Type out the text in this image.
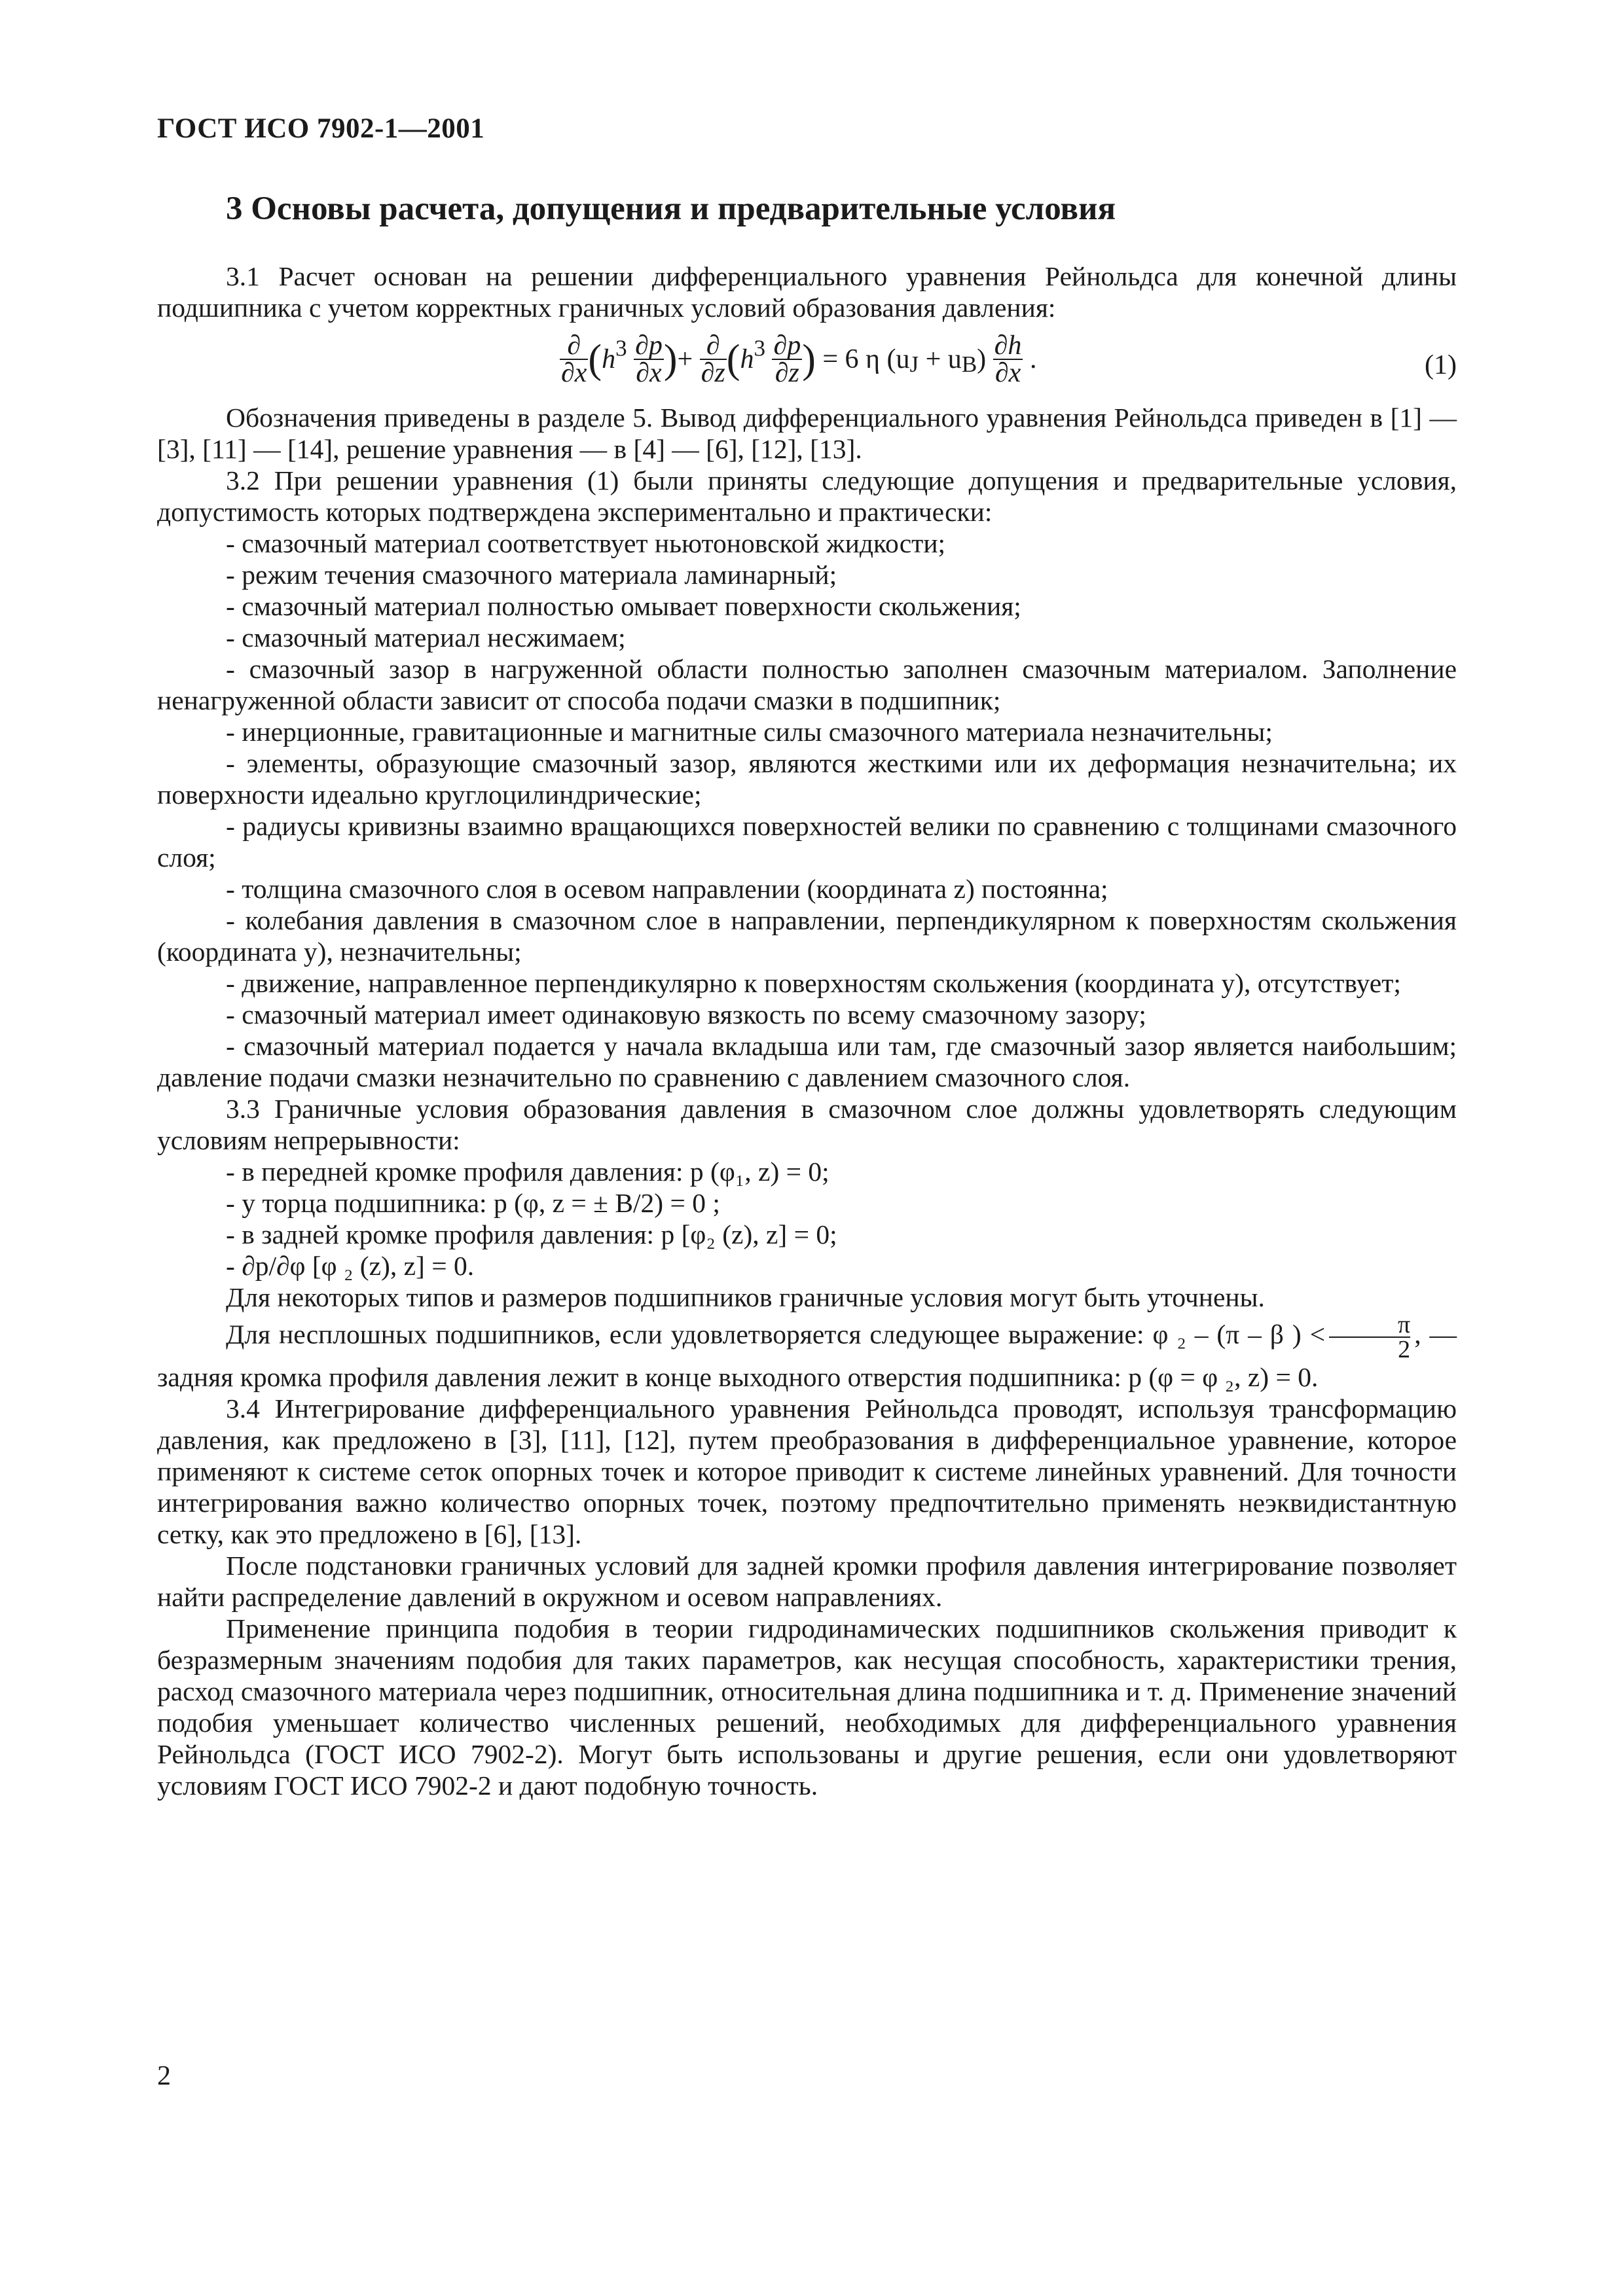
ГОСТ ИСО 7902-1—2001
3 Основы расчета, допущения и предварительные условия

3.1 Расчет основан на решении дифференциального уравнения Рейнольдса для конечной длины подшипника с учетом корректных граничных условий образования давления:

$\frac{\partial}{\partial x} (h^3 \frac{\partial p}{\partial x}$ )+ $\frac{\partial}{\partial z} (h^3 \frac{\partial p}{\partial z}$ ) = 6 η $(u_J + u_B) \frac{\partial h}{\partial x}$ .	(1)

Обозначения приведены в разделе 5. Вывод дифференциального уравнения Рейнольдса приведен в [1] —[3], [11] — [14], решение уравнения — в [4] — [6], [12], [13].

3.2 При решении уравнения (1) были приняты следующие допущения и предварительные условия, допустимость которых подтверждена экспериментально и практически:

- смазочный материал соответствует ньютоновской жидкости;

- режим течения смазочного материала ламинарный;

- смазочный материал полностью омывает поверхности скольжения;

- смазочный материал несжимаем;

- смазочный зазор в нагруженной области полностью заполнен смазочным материалом. Заполнение ненагруженной области зависит от способа подачи смазки в подшипник;

- инерционные, гравитационные и магнитные силы смазочного материала незначительны;

- элементы, образующие смазочный зазор, являются жесткими или их деформация незначительна; их поверхности идеально круглоцилиндрические;

- радиусы кривизны взаимно вращающихся поверхностей велики по сравнению с толщинами смазочного слоя;

- толщина смазочного слоя в осевом направлении (координата z) постоянна;

- колебания давления в смазочном слое в направлении, перпендикулярном к поверхностям скольжения (координата y), незначительны;

- движение, направленное перпендикулярно к поверхностям скольжения (координата y), отсутствует;

- смазочный материал имеет одинаковую вязкость по всему смазочному зазору;

- смазочный материал подается у начала вкладыша или там, где смазочный зазор является наибольшим; давление подачи смазки незначительно по сравнению с давлением смазочного слоя.

3.3 Граничные условия образования давления в смазочном слое должны удовлетворять следующим условиям непрерывности:

- в передней кромке профиля давления: p (φ₁, z) = 0;

- у торца подшипника: p (φ, z = ± B/2) = 0 ;

- в задней кромке профиля давления: p [φ₂ (z), z] = 0;

- ∂p/∂φ [φ ₂ (z), z] = 0.

Для некоторых типов и размеров подшипников граничные условия могут быть уточнены.

Для несплошных подшипников, если удовлетворяется следующее выражение: φ ₂ – (π – β ) < $\frac{\pi}{2}$ , — задняя кромка профиля давления лежит в конце выходного отверстия подшипника: p (φ = φ ₂, z) = 0.

3.4 Интегрирование дифференциального уравнения Рейнольдса проводят, используя трансформацию давления, как предложено в [3], [11], [12], путем преобразования в дифференциальное уравнение, которое применяют к системе сеток опорных точек и которое приводит к системе линейных уравнений. Для точности интегрирования важно количество опорных точек, поэтому предпочтительно применять неэквидистантную сетку, как это предложено в [6], [13].

После подстановки граничных условий для задней кромки профиля давления интегрирование позволяет найти распределение давлений в окружном и осевом направлениях.

Применение принципа подобия в теории гидродинамических подшипников скольжения приводит к безразмерным значениям подобия для таких параметров, как несущая способность, характеристики трения, расход смазочного материала через подшипник, относительная длина подшипника и т. д. Применение значений подобия уменьшает количество численных решений, необходимых для дифференциального уравнения Рейнольдса (ГОСТ ИСО 7902-2). Могут быть использованы и другие решения, если они удовлетворяют условиям ГОСТ ИСО 7902-2 и дают подобную точность.

2
